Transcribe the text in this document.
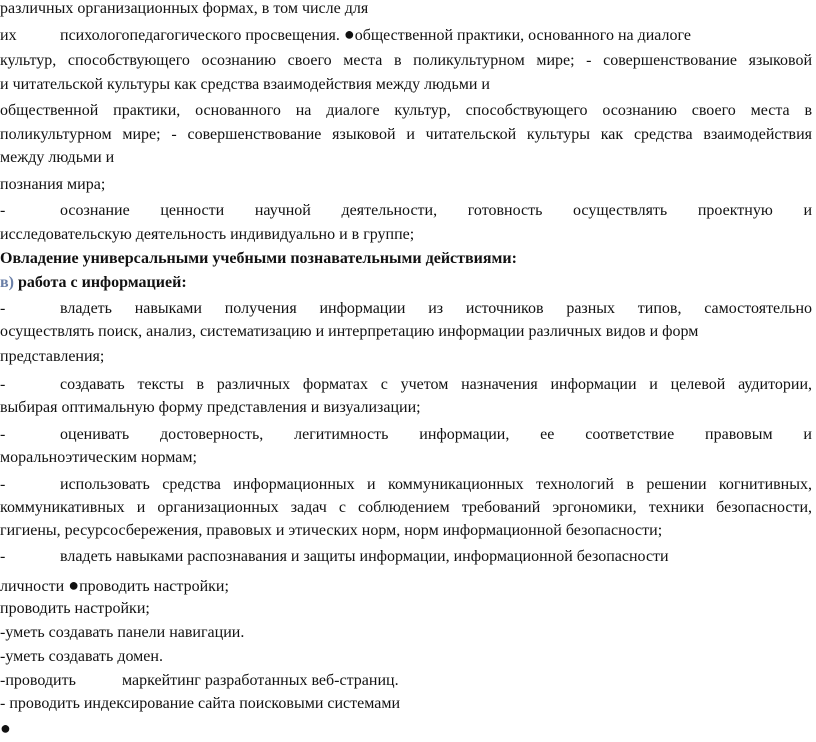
различных организационных формах, в том числе для
их	психологопедагогического просвещения. ●общественной практики, основанного на диалоге
культур, способствующего осознанию своего места в поликультурном мире; - совершенствование языковой
и читательской культуры как средства взаимодействия между людьми и
общественной практики, основанного на диалоге культур, способствующего осознанию своего места в
поликультурном мире; - совершенствование языковой и читательской культуры как средства взаимодействия
между людьми и
познания мира;
-	осознание ценности научной деятельности, готовность осуществлять проектную и
исследовательскую деятельность индивидуально и в группе;
Овладение универсальными учебными познавательными действиями:
в) работа с информацией:
-	владеть навыками получения информации из источников разных типов, самостоятельно
осуществлять поиск, анализ, систематизацию и интерпретацию информации различных видов и форм
представления;
-	создавать тексты в различных форматах с учетом назначения информации и целевой аудитории,
выбирая оптимальную форму представления и визуализации;
-	оценивать достоверность, легитимность информации, ее соответствие правовым и
моральноэтическим нормам;
-	использовать средства информационных и коммуникационных технологий в решении когнитивных,
коммуникативных и организационных задач с соблюдением требований эргономики, техники безопасности,
гигиены, ресурсосбережения, правовых и этических норм, норм информационной безопасности;
-	владеть навыками распознавания и защиты информации, информационной безопасности
личности ●проводить настройки;
проводить настройки;
-уметь создавать панели навигации.
-уметь создавать домен.
-проводить	маркейтинг разработанных веб-страниц.
- проводить индексирование сайта поисковыми системами
●
